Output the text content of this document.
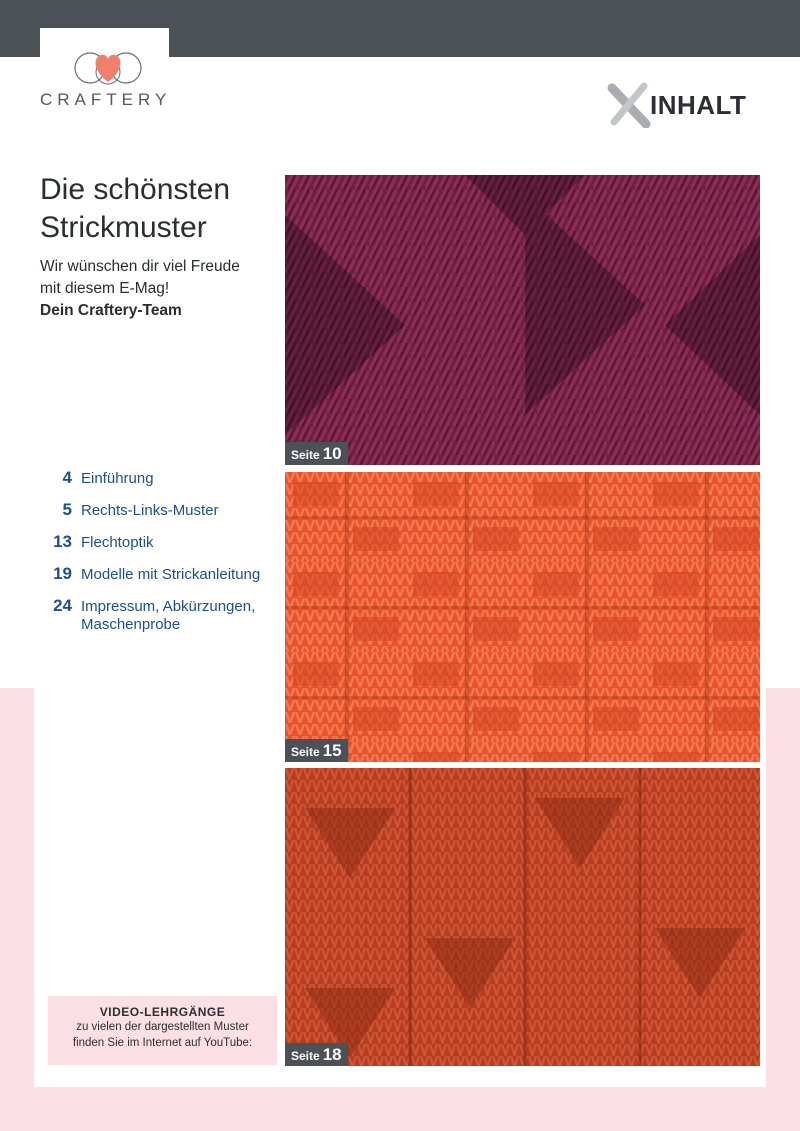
CRAFTERY	INHALT
Die schönsten
Strickmuster
Wir wünschen dir viel Freude
mit diesem E-Mag!
Dein Craftery-Team
4 Einführung
5 Rechts-Links-Muster
13 Flechtoptik
19 Modelle mit Strickanleitung
24 Impressum, Abkürzungen,
Maschenprobe
VIDEO-LEHRGÄNGE
zu vielen der dargestellten Muster
finden Sie im Internet auf YouTube:
Seite 10
Seite 15
Seite 18
